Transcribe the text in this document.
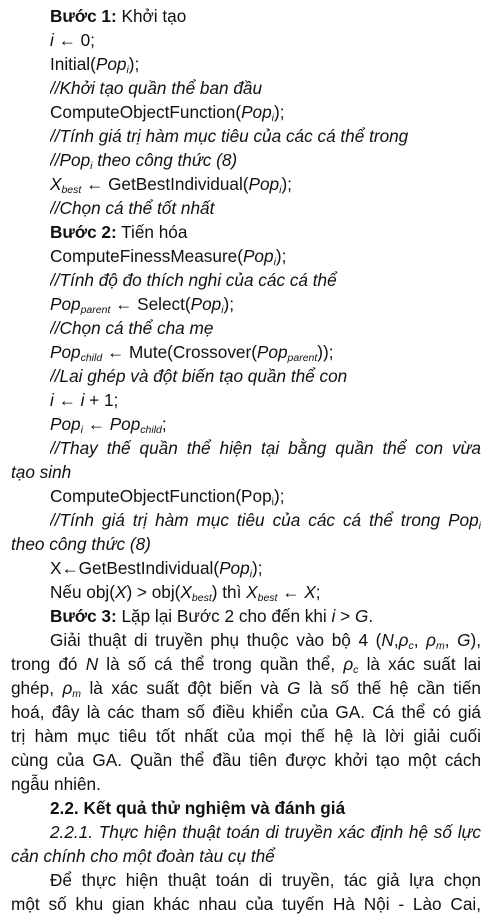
Bước 1: Khởi tạo
i ← 0;
Initial(Pop$_i$);
//Khởi tạo quần thể ban đầu
ComputeObjectFunction(Pop$_i$);
//Tính giá trị hàm mục tiêu của các cá thể trong
//Pop$_i$ theo công thức (8)
$X_{best}$ ← GetBestIndividual(Pop$_i$);
//Chọn cá thể tốt nhất
Bước 2: Tiến hóa
ComputeFinessMeasure(Pop$_i$);
//Tính độ đo thích nghi của các cá thể
Pop$_{parent}$ ← Select(Pop$_i$);
//Chọn cá thể cha mẹ
Pop$_{child}$ ← Mute(Crossover(Pop$_{parent}$));
//Lai ghép và đột biến tạo quần thể con
i ← i + 1;
Pop$_i$ ← Pop$_{child}$;
//Thay thế quần thể hiện tại bằng quần thể con vừa
tạo sinh
ComputeObjectFunction(Pop$_i$);
//Tính giá trị hàm mục tiêu của các cá thể trong Pop$_i$
theo công thức (8)
X←GetBestIndividual(Pop$_i$);
Nếu $obj(X) > obj(X_{best})$ thì $X_{best}$ ← X;
Bước 3: Lặp lại Bước 2 cho đến khi i > G.
Giải thuật di truyền phụ thuộc vào bộ 4 ($N,\rho_c$, $\rho_m$, G),
trong đó N là số cá thể trong quần thể, $\rho_c$ là xác suất lai
ghép, $\rho_m$ là xác suất đột biến và G là số thế hệ cần tiến
hoá, đây là các tham số điều khiển của GA. Cá thể có giá
trị hàm mục tiêu tốt nhất của mọi thế hệ là lời giải cuối
cùng của GA. Quần thể đầu tiên được khởi tạo một cách
ngẫu nhiên.
2.2. Kết quả thử nghiệm và đánh giá
2.2.1. Thực hiện thuật toán di truyền xác định hệ số lực
cản chính cho một đoàn tàu cụ thể
Để thực hiện thuật toán di truyền, tác giả lựa chọn
một số khu gian khác nhau của tuyến Hà Nội - Lào Cai,
